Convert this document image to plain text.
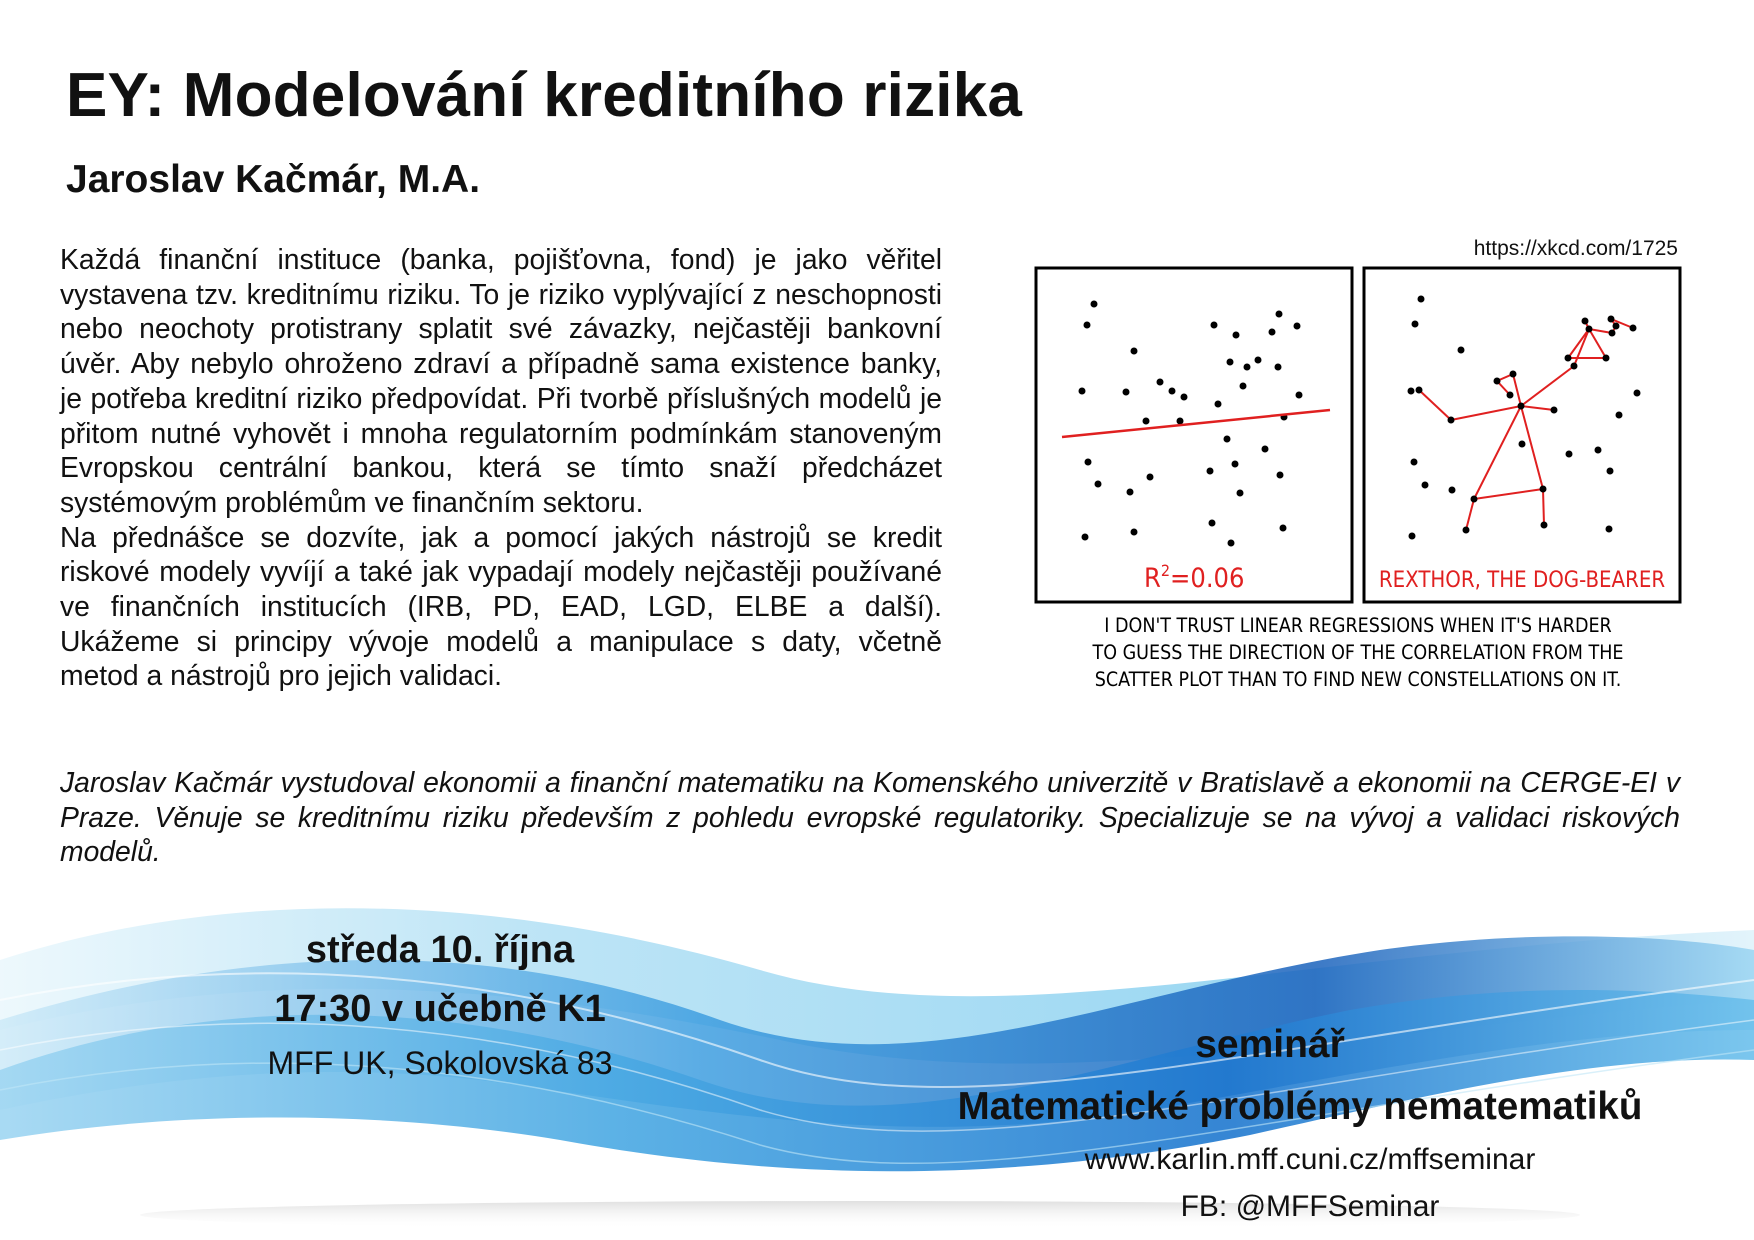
EY: Modelování kreditního rizika
Jaroslav Kačmár, M.A.

Každá finanční instituce (banka, pojišťovna, fond) je jako věřitel vystavena tzv. kreditnímu riziku. To je riziko vyplývající z neschopnosti nebo neochoty protistrany splatit své závazky, nejčastěji bankovní úvěr. Aby nebylo ohroženo zdraví a případně sama existence banky, je potřeba kreditní riziko předpovídat. Při tvorbě příslušných modelů je přitom nutné vyhovět i mnoha regulatorním podmínkám stanoveným Evropskou centrální bankou, která se tímto snaží předcházet systémovým problémům ve finančním sektoru.

Na přednášce se dozvíte, jak a pomocí jakých nástrojů se kredit riskové modely vyvíjí a také jak vypadají modely nejčastěji používané ve finančních institucích (IRB, PD, EAD, LGD, ELBE a další). Ukážeme si principy vývoje modelů a manipulace s daty, včetně metod a nástrojů pro jejich validaci.

https://xkcd.com/1725
$R^2=0.06$	REXTHOR, THE DOG-BEARER
I DON'T TRUST LINEAR REGRESSIONS WHEN IT'S HARDER
TO GUESS THE DIRECTION OF THE CORRELATION FROM THE
SCATTER PLOT THAN TO FIND NEW CONSTELLATIONS ON IT.
Jaroslav Kačmár vystudoval ekonomii a finanční matematiku na Komenského univerzitě v Bratislavě a ekonomii na CERGE-EI v Praze. Věnuje se kreditnímu riziku především z pohledu evropské regulatoriky. Specializuje se na vývoj a validaci riskových modelů.
středa 10. října
17:30 v učebně K1
MFF UK, Sokolovská 83	seminář
Matematické problémy nematematiků
www.karlin.mff.cuni.cz/mffseminar
FB: @MFFSeminar
